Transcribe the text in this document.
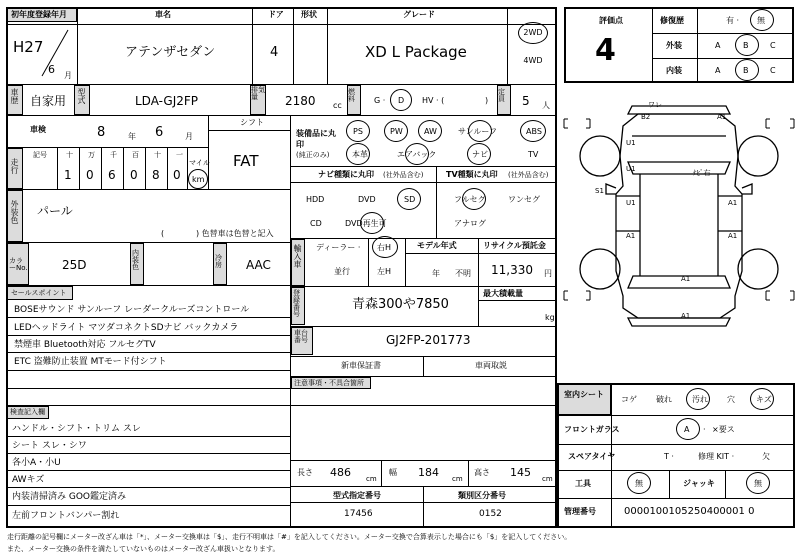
初年度登録年月	車名	ドア 形状	グレード
H27
6 月
アテンザセダン	4	XD L Package
2WD
4WD
車歴 自家用 型式	LDA-GJ2FP
排気量	2180 cc
燃料	G · D HV · (	)
定員	5 人
車検	8	年 6	月
シフト
FAT
走行
記号	十 万 千 百 十 一
マイル
1 0 6 0 8 0 km
外装色 パール
(	) 色替車は色替と記入
カラーNo.	25D
内装色
冷房 AAC
セールスポイント
BOSEサウンド サンルーフ レーダークルーズコントロール
LEDヘッドライト マツダコネクトSDナビ バックカメラ
禁煙車 Bluetooth対応 フルセグTV
ETC 盗難防止装置 MTモード付シフト
検査記入欄
ハンドル・シフト・トリム スレ
シート スレ・シワ
各小A・小U
AWキズ
内装清掃済み GOO鑑定済み
左前フロントバンパー割れ
装備品に丸印
(純正のみ)
PS	PW	AW	サンルーフ	ABS
本革	エアバック	ナビ	TV
ナビ種類に丸印 (社外品含む)	TV種類に丸印 (社外品含む)
HDD	DVD	SD
CD	DVD再生可
フルセグ	ワンセグ
アナログ
輸入車 ディーラー ·
並行
右H
左H
モデル年式
年 不明
リサイクル預託金
11,330 円
登録番号
青森300や7850
最大積載量
kg
車台番号	GJ2FP-201773
新車保証書	車両取説
注意事項・不具合箇所
長さ 486 cm
幅 184 cm
高さ 145 cm
型式指定番号	類別区分番号
17456	0152
評価点
4
修復歴	有 · 無
外装	A	B	C
内装	A	B	C
ワレ
B2	A1
U1
U1	ﾅﾋﾞ右
S1
U1	A1
A1	A1
A1
A1
室内シート
コゲ 破れ	汚れ 穴	キズ
フロントガラス	A · ×要ス
スペアタイヤ	T ·	修理 KIT ·	欠
工具	無	ジャッキ	無
管理番号	0000100105250400001 0
走行距離の記号欄にメーター改ざん車は「*」、メーター交換車は「$」、走行不明車は「#」を記入してください。メーター交換で合算表示した場合にも「$」を記入してください。
また、メーター交換の条件を満たしていないものはメーター改ざん車扱いとなります。
